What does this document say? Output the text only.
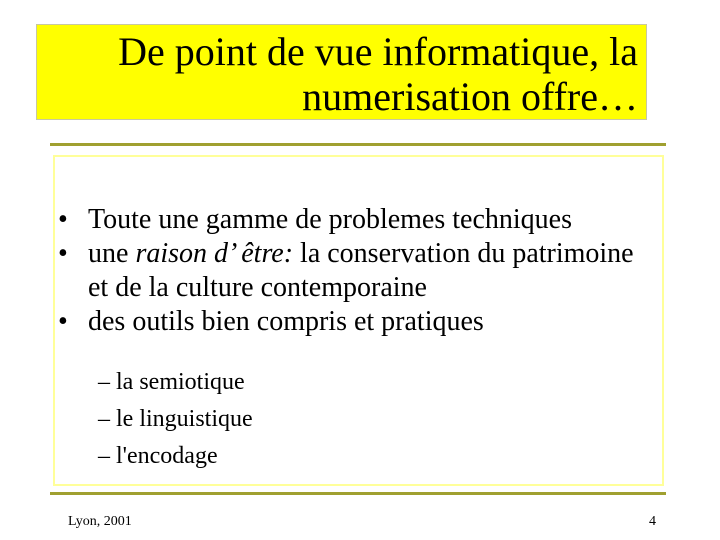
De point de vue informatique, la
numerisation offre…
• Toute une gamme de problemes techniques
• une raison d’ être: la conservation du patrimoine et de la culture contemporaine
• des outils bien compris et pratiques
– la semiotique
– le linguistique
– l'encodage
Lyon, 2001	4
